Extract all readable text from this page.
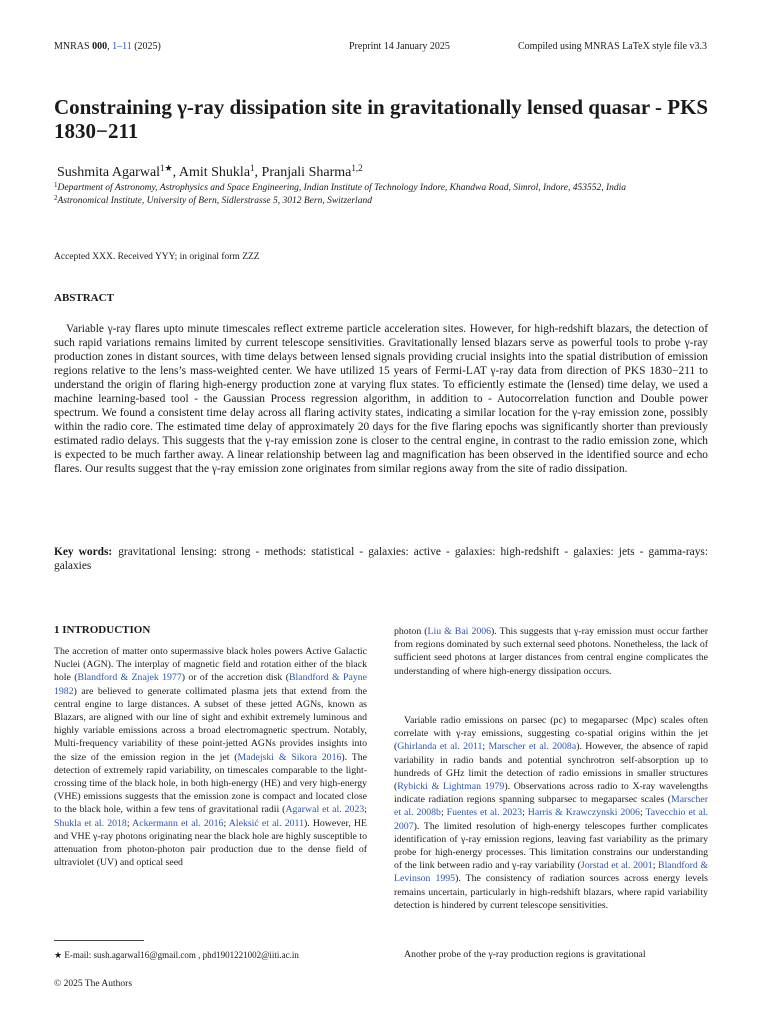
MNRAS 000, 1–11 (2025)	Preprint 14 January 2025	Compiled using MNRAS LaTeX style file v3.3
Constraining γ-ray dissipation site in gravitationally lensed quasar - PKS 1830−211
Sushmita Agarwal$^{1★}$, Amit Shukla$^1$, Pranjali Sharma$^{1,2}$
$^1$Department of Astronomy, Astrophysics and Space Engineering, Indian Institute of Technology Indore, Khandwa Road, Simrol, Indore, 453552, India
$^2$Astronomical Institute, University of Bern, Sidlerstrasse 5, 3012 Bern, Switzerland
Accepted XXX. Received YYY; in original form ZZZ
ABSTRACT

Variable γ-ray flares upto minute timescales reflect extreme particle acceleration sites. However, for high-redshift blazars, the detection of such rapid variations remains limited by current telescope sensitivities. Gravitationally lensed blazars serve as powerful tools to probe γ-ray production zones in distant sources, with time delays between lensed signals providing crucial insights into the spatial distribution of emission regions relative to the lens’s mass-weighted center. We have utilized 15 years of Fermi-LAT γ-ray data from direction of PKS 1830−211 to understand the origin of flaring high-energy production zone at varying flux states. To efficiently estimate the (lensed) time delay, we used a machine learning-based tool - the Gaussian Process regression algorithm, in addition to - Autocorrelation function and Double power spectrum. We found a consistent time delay across all flaring activity states, indicating a similar location for the γ-ray emission zone, possibly within the radio core. The estimated time delay of approximately 20 days for the five flaring epochs was significantly shorter than previously estimated radio delays. This suggests that the γ-ray emission zone is closer to the central engine, in contrast to the radio emission zone, which is expected to be much farther away. A linear relationship between lag and magnification has been observed in the identified source and echo flares. Our results suggest that the γ-ray emission zone originates from similar regions away from the site of radio dissipation.

Key words: gravitational lensing: strong - methods: statistical - galaxies: active - galaxies: high-redshift - galaxies: jets - gamma-rays: galaxies

1 INTRODUCTION

The accretion of matter onto supermassive black holes powers Active Galactic Nuclei (AGN). The interplay of magnetic field and rotation either of the black hole (Blandford & Znajek 1977) or of the accretion disk (Blandford & Payne 1982) are believed to generate collimated plasma jets that extend from the central engine to large distances. A subset of these jetted AGNs, known as Blazars, are aligned with our line of sight and exhibit extremely luminous and highly variable emissions across a broad electromagnetic spectrum. Notably, Multi-frequency variability of these point-jetted AGNs provides insights into the size of the emission region in the jet (Madejski & Sikora 2016). The detection of extremely rapid variability, on timescales comparable to the light-crossing time of the black hole, in both high-energy (HE) and very high-energy (VHE) emissions suggests that the emission zone is compact and located close to the black hole, within a few tens of gravitational radii (Agarwal et al. 2023; Shukla et al. 2018; Ackermann et al. 2016; Aleksić et al. 2011). However, HE and VHE γ-ray photons originating near the black hole are highly susceptible to attenuation from photon-photon pair production due to the dense field of ultraviolet (UV) and optical seed

photon (Liu & Bai 2006). This suggests that γ-ray emission must occur farther from regions dominated by such external seed photons. Nonetheless, the lack of sufficient seed photons at larger distances from central engine complicates the understanding of where high-energy dissipation occurs.

Variable radio emissions on parsec (pc) to megaparsec (Mpc) scales often correlate with γ-ray emissions, suggesting co-spatial origins within the jet (Ghirlanda et al. 2011; Marscher et al. 2008a). However, the absence of rapid variability in radio bands and potential synchrotron self-absorption up to hundreds of GHz limit the detection of radio emissions in smaller structures (Rybicki & Lightman 1979). Observations across radio to X-ray wavelengths indicate radiation regions spanning subparsec to megaparsec scales (Marscher et al. 2008b; Fuentes et al. 2023; Harris & Krawczynski 2006; Tavecchio et al. 2007). The limited resolution of high-energy telescopes further complicates identification of γ-ray emission regions, leaving fast variability as the primary probe for high-energy processes. This limitation constrains our understanding of the link between radio and γ-ray variability (Jorstad et al. 2001; Blandford & Levinson 1995). The consistency of radiation sources across energy levels remains uncertain, particularly in high-redshift blazars, where rapid variability detection is hindered by current telescope sensitivities.

Another probe of the γ-ray production regions is gravitational

★ E-mail: sush.agarwal16@gmail.com , phd1901221002@iiti.ac.in
© 2025 The Authors
